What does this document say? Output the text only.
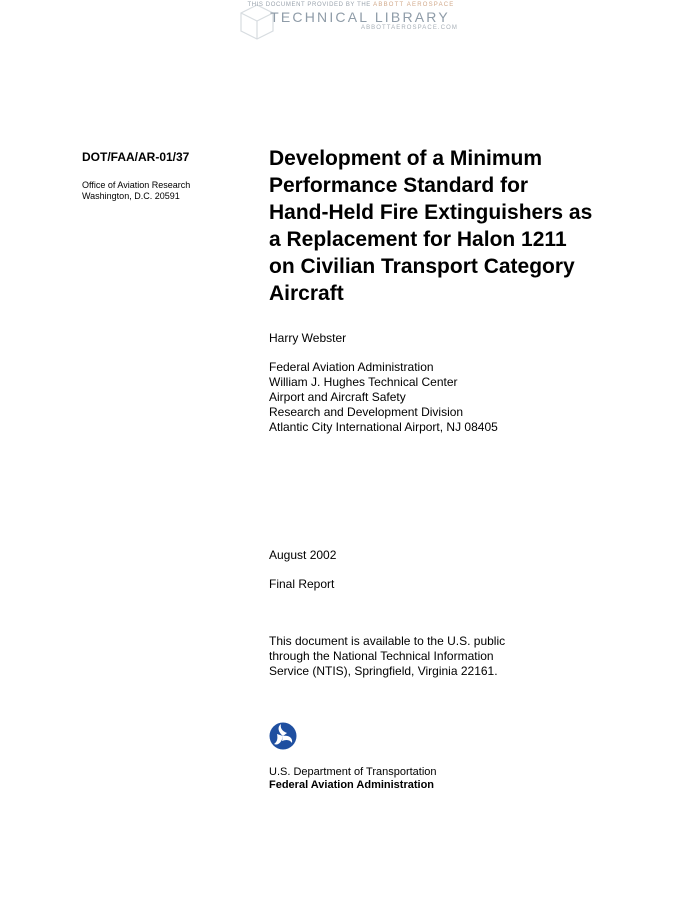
THIS DOCUMENT PROVIDED BY THE ABBOTT AEROSPACE
TECHNICAL LIBRARY
ABBOTTAEROSPACE.COM
DOT/FAA/AR-01/37
Office of Aviation Research
Washington, D.C. 20591
Development of a Minimum
Performance Standard for
Hand-Held Fire Extinguishers as
a Replacement for Halon 1211
on Civilian Transport Category
Aircraft
Harry Webster
Federal Aviation Administration
William J. Hughes Technical Center
Airport and Aircraft Safety
Research and Development Division
Atlantic City International Airport, NJ 08405
August 2002
Final Report
This document is available to the U.S. public
through the National Technical Information
Service (NTIS), Springfield, Virginia 22161.
U.S. Department of Transportation
Federal Aviation Administration
